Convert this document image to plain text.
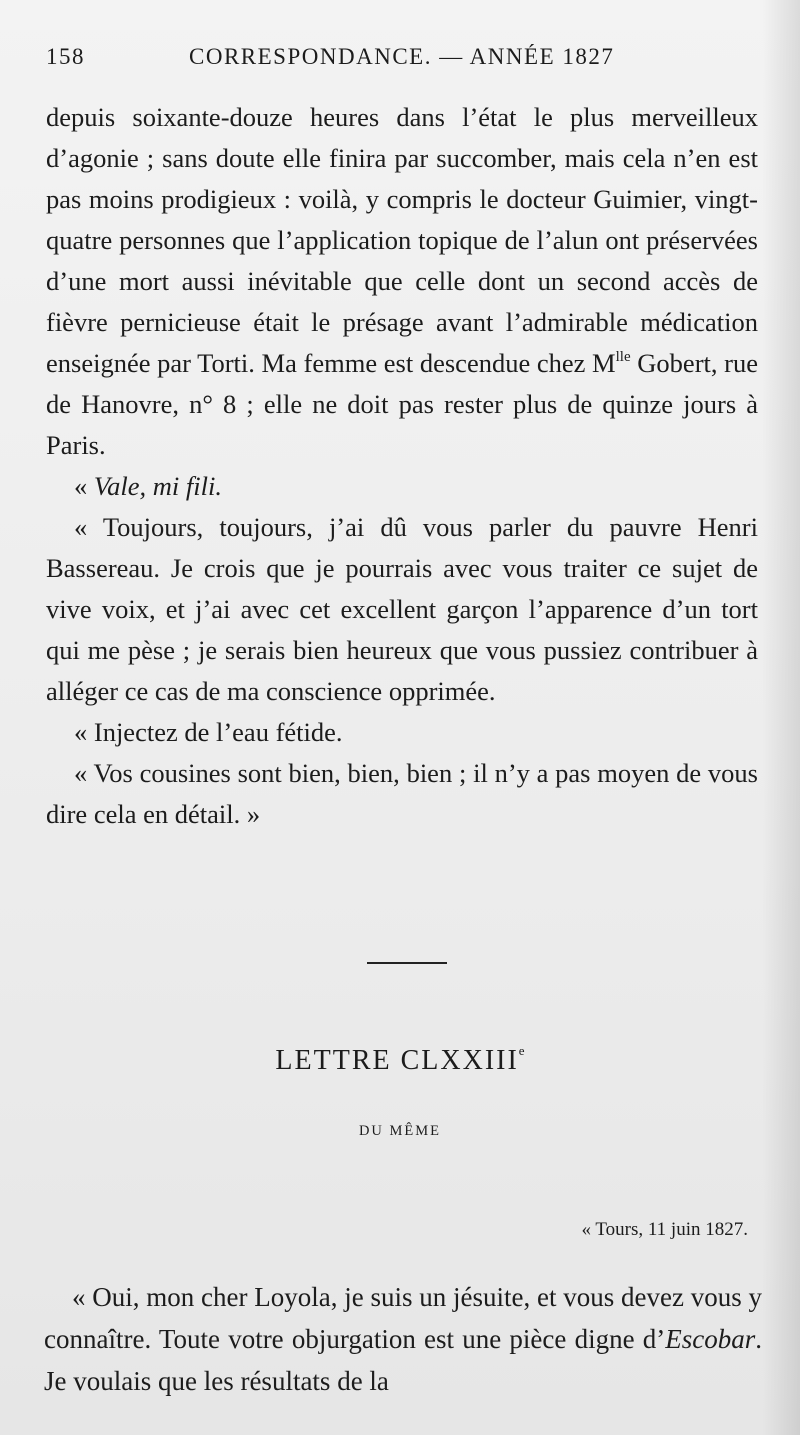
158	CORRESPONDANCE. — ANNÉE 1827

depuis soixante-douze heures dans l’état le plus merveilleux d’agonie ; sans doute elle finira par succomber, mais cela n’en est pas moins prodigieux : voilà, y compris le docteur Guimier, vingt-quatre personnes que l’application topique de l’alun ont préservées d’une mort aussi inévitable que celle dont un second accès de fièvre pernicieuse était le présage avant l’admirable médication enseignée par Torti. Ma femme est descendue chez $M^{lle}$ Gobert, rue de Hanovre, n° 8 ; elle ne doit pas rester plus de quinze jours à Paris.

« Vale, mi fili.

« Toujours, toujours, j’ai dû vous parler du pauvre Henri Bassereau. Je crois que je pourrais avec vous traiter ce sujet de vive voix, et j’ai avec cet excellent garçon l’apparence d’un tort qui me pèse ; je serais bien heureux que vous pussiez contribuer à alléger ce cas de ma conscience opprimée.

« Injectez de l’eau fétide.

« Vos cousines sont bien, bien, bien ; il n’y a pas moyen de vous dire cela en détail. »

LETTRE CLXXIIIe
DU MÊME
« Tours, 11 juin 1827.

« Oui, mon cher Loyola, je suis un jésuite, et vous devez vous y connaître. Toute votre objurgation est une pièce digne d’Escobar. Je voulais que les résultats de la
